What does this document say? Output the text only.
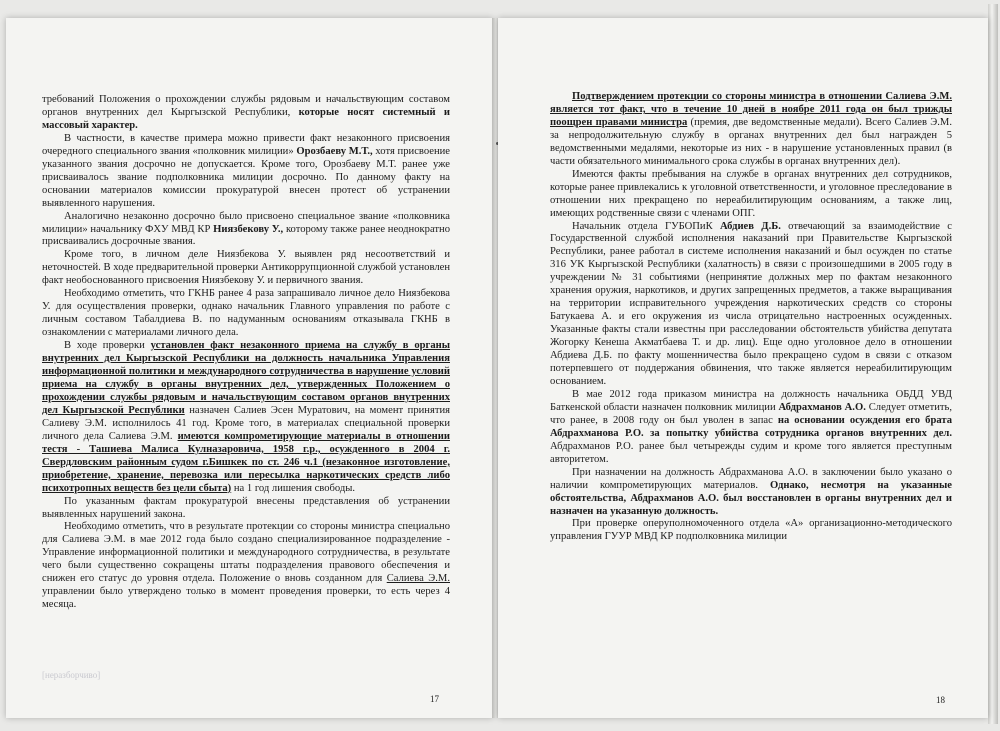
требований Положения о прохождении службы рядовым и начальствующим составом органов внутренних дел Кыргызской Республики, которые носят системный и массовый характер.

В частности, в качестве примера можно привести факт незаконного присвоения очередного специального звания «полковник милиции» Орозбаеву М.Т., хотя присвоение указанного звания досрочно не допускается. Кроме того, Орозбаеву М.Т. ранее уже присваивалось звание подполковника милиции досрочно. По данному факту на основании материалов комиссии прокуратурой внесен протест об устранении выявленного нарушения.

Аналогично незаконно досрочно было присвоено специальное звание «полковника милиции» начальнику ФХУ МВД КР Ниязбекову У., которому также ранее неоднократно присваивались досрочные звания.

Кроме того, в личном деле Ниязбекова У. выявлен ряд несоответствий и неточностей. В ходе предварительной проверки Антикоррупционной службой установлен факт необоснованного присвоения Ниязбекову У. и первичного звания.

Необходимо отметить, что ГКНБ ранее 4 раза запрашивало личное дело Ниязбекова У. для осуществления проверки, однако начальник Главного управления по работе с личным составом Табалдиева В. по надуманным основаниям отказывала ГКНБ в ознакомлении с материалами личного дела.

В ходе проверки установлен факт незаконного приема на службу в органы внутренних дел Кыргызской Республики на должность начальника Управления информационной политики и международного сотрудничества в нарушение условий приема на службу в органы внутренних дел, утвержденных Положением о прохождении службы рядовым и начальствующим составом органов внутренних дел Кыргызской Республики назначен Салиев Эсен Муратович, на момент принятия Салиеву Э.М. исполнилось 41 год. Кроме того, в материалах специальной проверки личного дела Салиева Э.М. имеются компрометирующие материалы в отношении тестя - Ташиева Малиса Кулназаровича, 1958 г.р., осужденного в 2004 г. Свердловским районным судом г.Бишкек по ст. 246 ч.1 (незаконное изготовление, приобретение, хранение, перевозка или пересылка наркотических средств либо психотропных веществ без цели сбыта) на 1 год лишения свободы.

По указанным фактам прокуратурой внесены представления об устранении выявленных нарушений закона.

Необходимо отметить, что в результате протекции со стороны министра специально для Салиева Э.М. в мае 2012 года было создано специализированное подразделение - Управление информационной политики и международного сотрудничества, в результате чего были существенно сокращены штаты подразделения правового обеспечения и снижен его статус до уровня отдела. Положение о вновь созданном для Салиева Э.М. управлении было утверждено только в момент проведения проверки, то есть через 4 месяца.

[неразборчиво]
17

Подтверждением протекции со стороны министра в отношении Салиева Э.М. является тот факт, что в течение 10 дней в ноябре 2011 года он был трижды поощрен правами министра (премия, две ведомственные медали). Всего Салиев Э.М. за непродолжительную службу в органах внутренних дел был награжден 5 ведомственными медалями, некоторые из них - в нарушение установленных правил (в части обязательного минимального срока службы в органах внутренних дел).

Имеются факты пребывания на службе в органах внутренних дел сотрудников, которые ранее привлекались к уголовной ответственности, и уголовное преследование в отношении них прекращено по нереабилитирующим основаниям, а также лиц, имеющих родственные связи с членами ОПГ.

Начальник отдела ГУБОПиК Абдиев Д.Б. отвечающий за взаимодействие с Государственной службой исполнения наказаний при Правительстве Кыргызской Республики, ранее работал в системе исполнения наказаний и был осужден по статье 316 УК Кыргызской Республики (халатность) в связи с произошедшими в 2005 году в учреждении № 31 событиями (непринятие должных мер по фактам незаконного хранения оружия, наркотиков, и других запрещенных предметов, а также выращивания на территории исправительного учреждения наркотических средств со стороны Батукаева А. и его окружения из числа отрицательно настроенных осужденных. Указанные факты стали известны при расследовании обстоятельств убийства депутата Жогорку Кенеша Акматбаева Т. и др. лиц). Еще одно уголовное дело в отношении Абдиева Д.Б. по факту мошенничества было прекращено судом в связи с отказом потерпевшего от поддержания обвинения, что также является нереабилитирующим основанием.

В мае 2012 года приказом министра на должность начальника ОБДД УВД Баткенской области назначен полковник милиции Абдрахманов А.О. Следует отметить, что ранее, в 2008 году он был уволен в запас на основании осуждения его брата Абдрахманова Р.О. за попытку убийства сотрудника органов внутренних дел. Абдрахманов Р.О. ранее был четырежды судим и кроме того является преступным авторитетом.

При назначении на должность Абдрахманова А.О. в заключении было указано о наличии компрометирующих материалов. Однако, несмотря на указанные обстоятельства, Абдрахманов А.О. был восстановлен в органы внутренних дел и назначен на указанную должность.

При проверке оперуполномоченного отдела «А» организационно-методического управления ГУУР МВД КР подполковника милиции

18
